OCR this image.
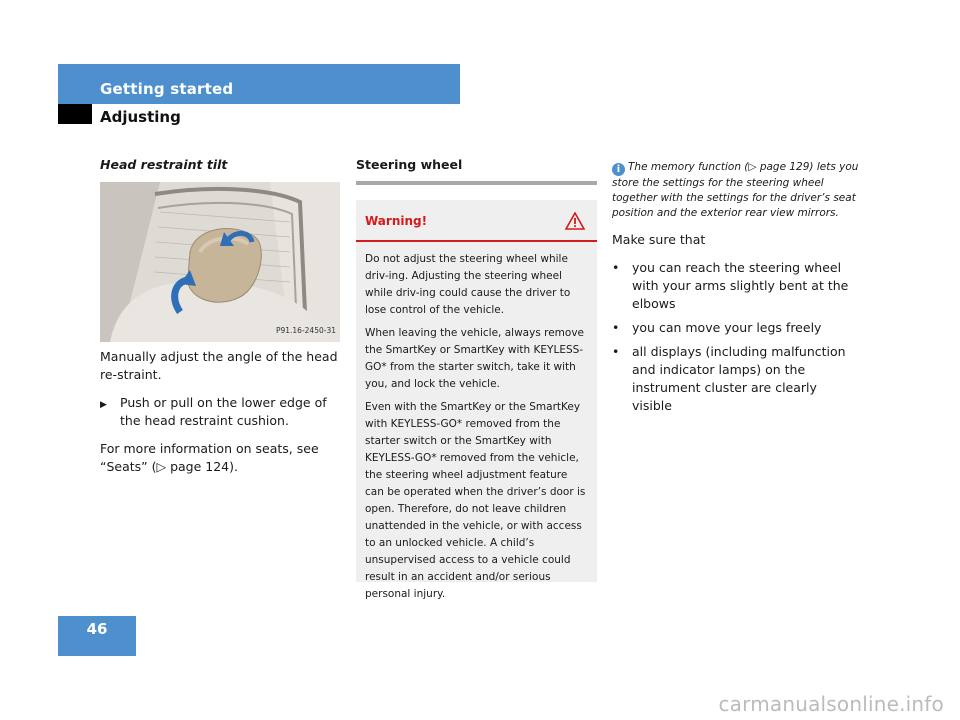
Getting started
Adjusting
Head restraint tilt
P91.16-2450-31

Manually adjust the angle of the head re-straint.

▶	Push or pull on the lower edge of the head restraint cushion.

For more information on seats, see “Seats” (▷ page 124).

Steering wheel
Warning!

Do not adjust the steering wheel while driv-ing. Adjusting the steering wheel while driv-ing could cause the driver to lose control of the vehicle.

When leaving the vehicle, always remove the SmartKey or SmartKey with KEYLESS-GO* from the starter switch, take it with you, and lock the vehicle.

Even with the SmartKey or the SmartKey with KEYLESS-GO* removed from the starter switch or the SmartKey with KEYLESS-GO* removed from the vehicle, the steering wheel adjustment feature can be operated when the driver’s door is open. Therefore, do not leave children unattended in the vehicle, or with access to an unlocked vehicle. A child’s unsupervised access to a vehicle could result in an accident and/or serious personal injury.

i The memory function (▷ page 129) lets you store the settings for the steering wheel together with the settings for the driver’s seat position and the exterior rear view mirrors.

Make sure that

•	you can reach the steering wheel with your arms slightly bent at the elbows
•	you can move your legs freely
•	all displays (including malfunction and indicator lamps) on the instrument cluster are clearly visible
46
carmanualsonline.info
